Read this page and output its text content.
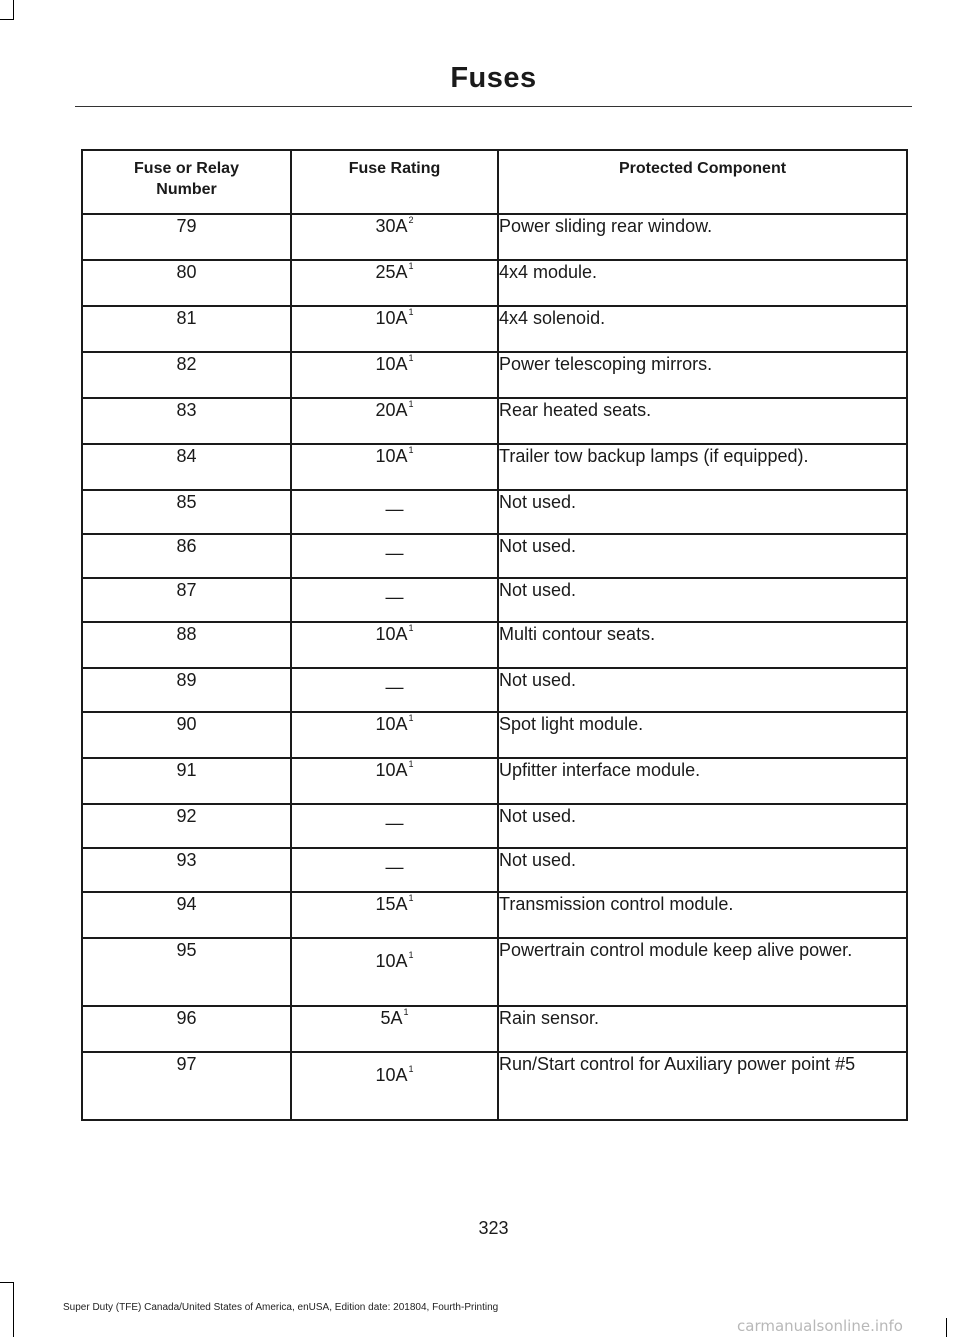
Fuses
Fuse or Relay Number	Fuse Rating	Protected Component
79	$30A^2$	Power sliding rear window.
80	$25A^1$	4x4 module.
81	$10A^1$	4x4 solenoid.
82	$10A^1$	Power telescoping mirrors.
83	$20A^1$	Rear heated seats.
84	$10A^1$	Trailer tow backup lamps (if equipped).
85	—	Not used.
86	—	Not used.
87	—	Not used.
88	$10A^1$	Multi contour seats.
89	—	Not used.
90	$10A^1$	Spot light module.
91	$10A^1$	Upfitter interface module.
92	—	Not used.
93	—	Not used.
94	$15A^1$	Transmission control module.
95	$10A^1$	Powertrain control module keep alive power.
96	$5A^1$	Rain sensor.
97	$10A^1$	Run/Start control for Auxiliary power point #5
323
Super Duty (TFE) Canada/United States of America, enUSA, Edition date: 201804, Fourth-Printing
carmanualsonline.info
